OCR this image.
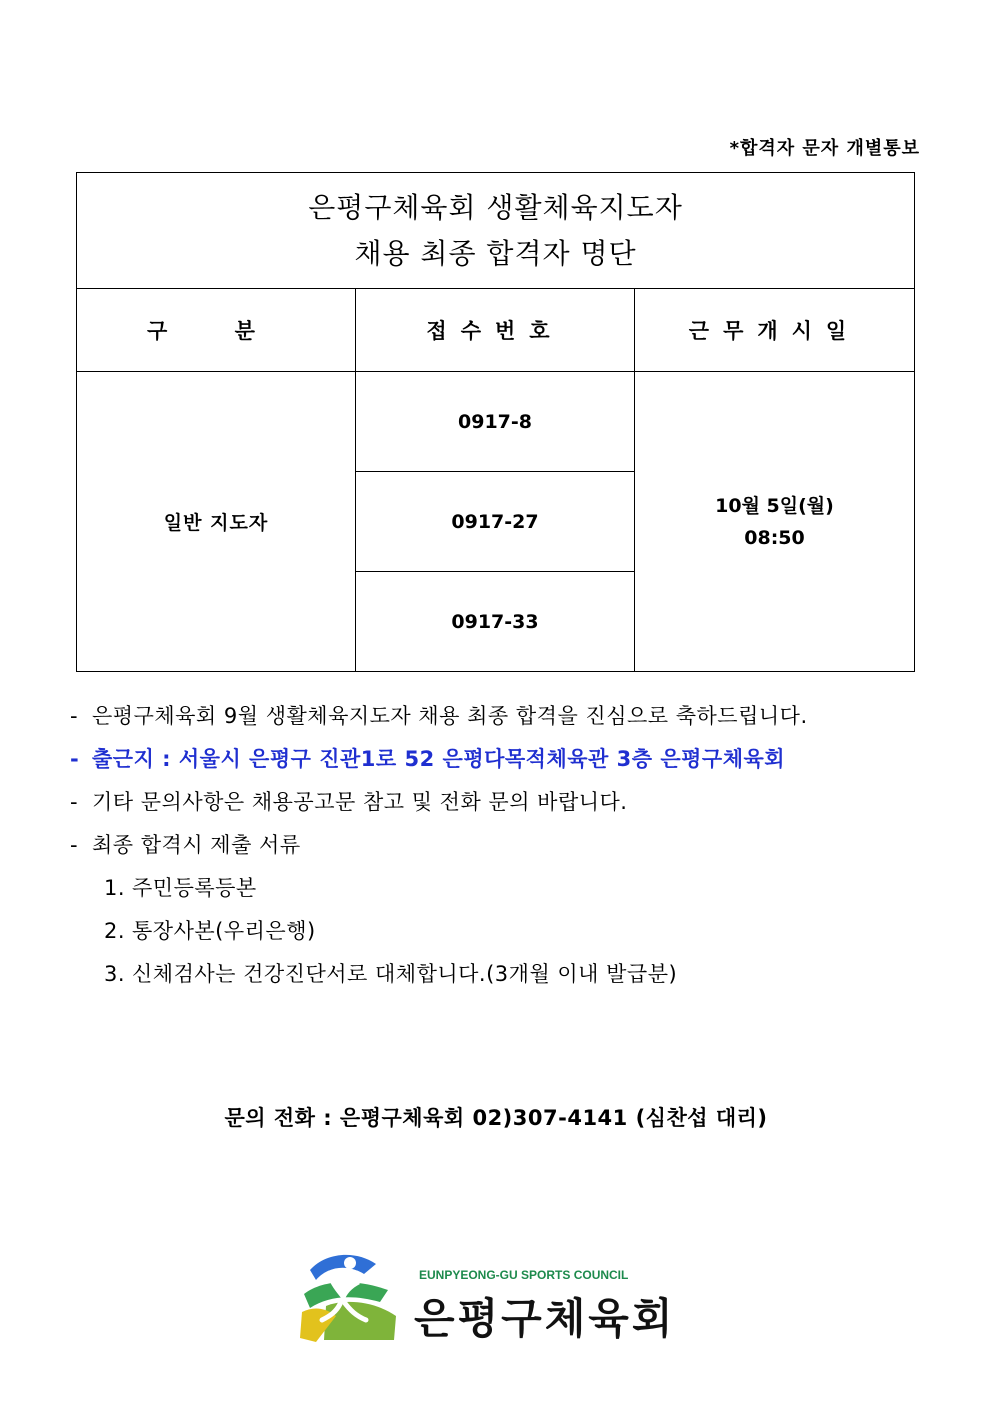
*합격자 문자 개별통보
은평구체육회 생활체육지도자
채용 최종 합격자 명단		

구 분	접수번호	근무개시일
일반 지도자	0917-8	10월 5일(월)
08:50

	0917-27	
	0917-33	
- 은평구체육회 9월 생활체육지도자 채용 최종 합격을 진심으로 축하드립니다.
- 출근지 : 서울시 은평구 진관1로 52 은평다목적체육관 3층 은평구체육회
- 기타 문의사항은 채용공고문 참고 및 전화 문의 바랍니다.
- 최종 합격시 제출 서류
1. 주민등록등본
2. 통장사본(우리은행)
3. 신체검사는 건강진단서로 대체합니다.(3개월 이내 발급분)
문의 전화 : 은평구체육회 02)307-4141 (심찬섭 대리)
EUNPYEONG-GU SPORTS COUNCIL
은평구체육회
